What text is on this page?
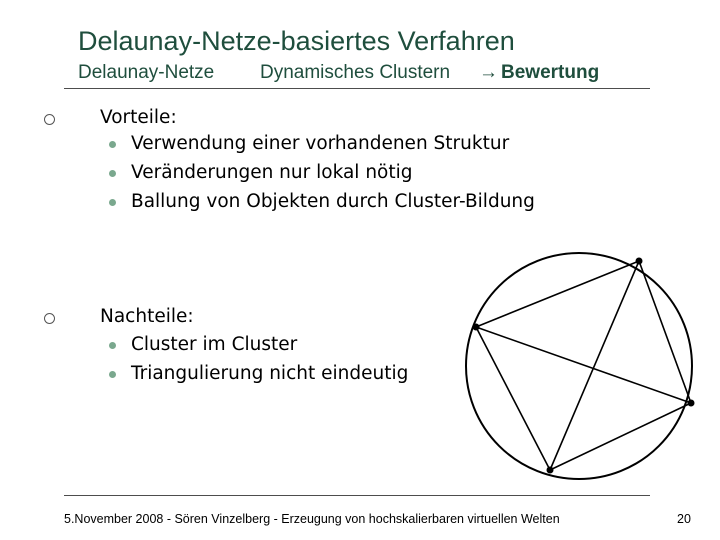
Delaunay-Netze-basiertes Verfahren
Delaunay-Netze Dynamisches Clustern → Bewertung
Vorteile:
Verwendung einer vorhandenen Struktur
Veränderungen nur lokal nötig
Ballung von Objekten durch Cluster-Bildung
Nachteile:
Cluster im Cluster
Triangulierung nicht eindeutig
5.November 2008 - Sören Vinzelberg - Erzeugung von hochskalierbaren virtuellen Welten	20
